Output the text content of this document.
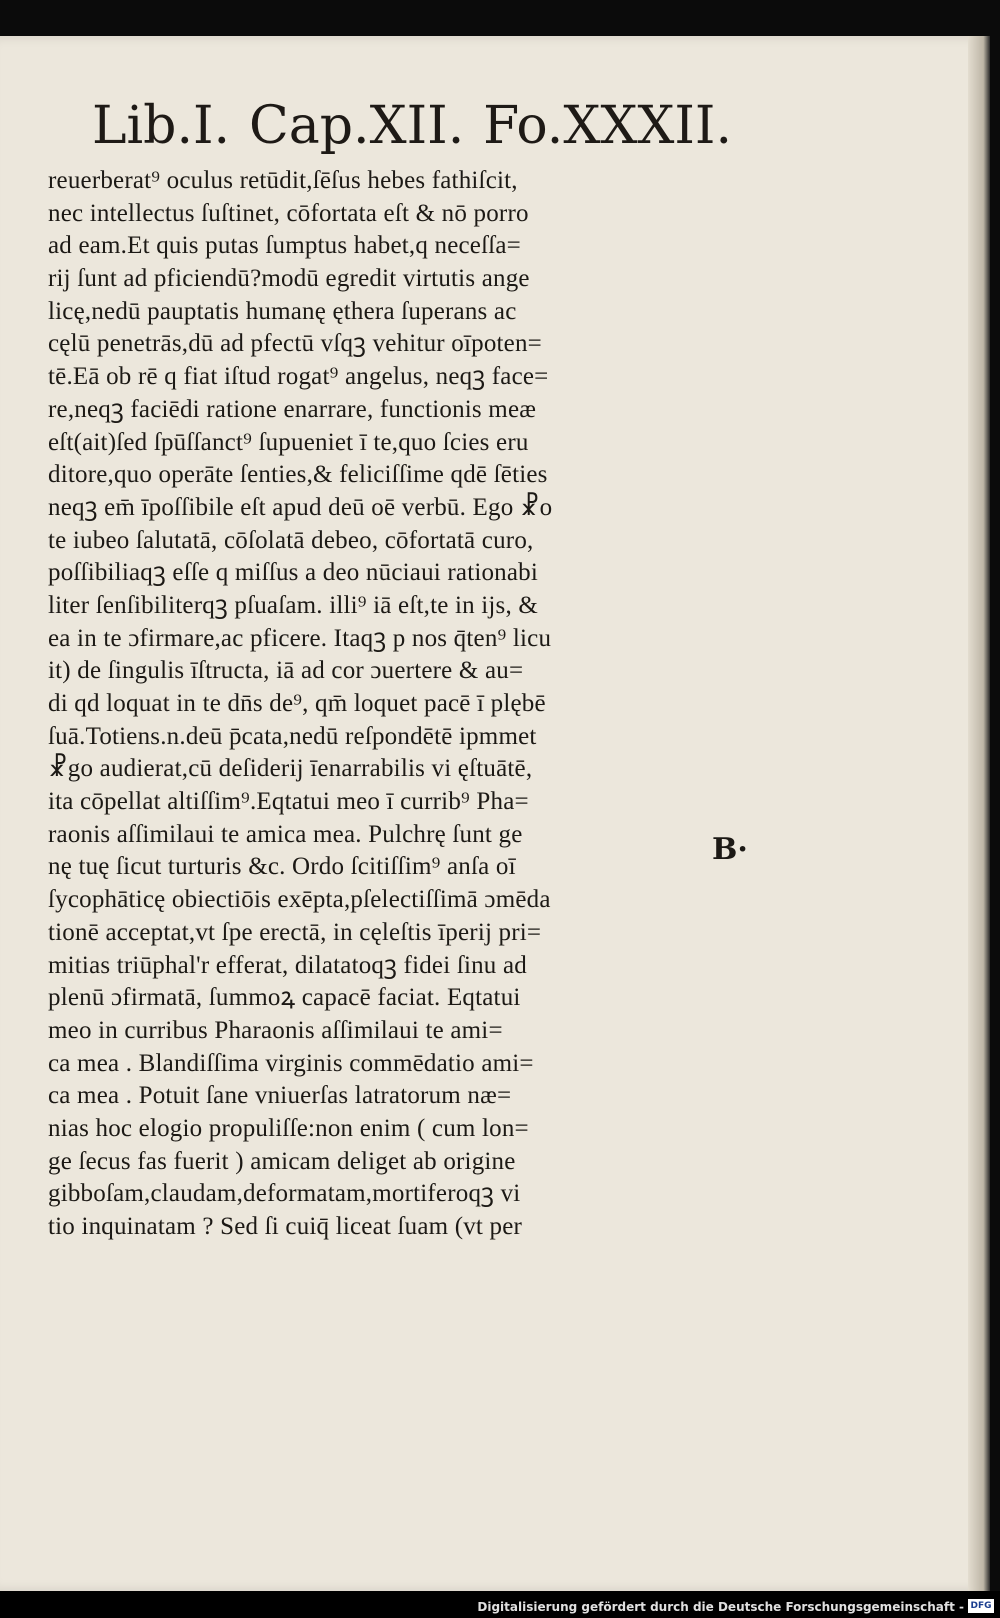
Lib.I. Cap.XII. Fo.XXXII.
reuerberat⁹ oculus retūdit,ſēſus hebes fathiſcit,
nec intellectus ſuſtinet, cōfortata eſt & nō porro
ad eam.Et quis putas ſumptus habet,q neceſſa=
rij ſunt ad pficiendū?modū egredit virtutis ange
licę,nedū pauptatis humanę ęthera ſuperans ac
cęlū penetrās,dū ad pfectū vſqꝫ vehitur oīpoten=
tē.Eā ob rē q fiat iſtud rogat⁹ angelus, neqꝫ face=
re,neqꝫ faciēdi ratione enarrare, functionis meæ
eſt(ait)ſed ſpūſſanct⁹ ſupueniet ī te,quo ſcies eru
ditore,quo operāte ſenties,& feliciſſime qdē ſēties
neqꝫ em̄ īpoſſibile eſt apud deū oē verbū. Ego ☧o
te iubeo ſalutatā, cōſolatā debeo, cōfortatā curo,
poſſibiliaqꝫ eſſe q miſſus a deo nūciaui rationabi
liter ſenſibiliterqꝫ pſuaſam. illi⁹ iā eſt,te in ijs, &
ea in te ɔfirmare,ac pficere. Itaqꝫ p nos q̄ten⁹ licu
it) de ſingulis īſtructa, iā ad cor ɔuertere & au=
di qd loquat in te dn̄s de⁹, qm̄ loquet pacē ī plębē
ſuā.Totiens.n.deū p̄cata,nedū reſpondētē ipmmet
☧go audierat,cū deſiderij īenarrabilis vi ęſtuātē,
ita cōpellat altiſſim⁹.Eqtatui meo ī currib⁹ Pha=
raonis aſſimilaui te amica mea. Pulchrę ſunt ge
nę tuę ſicut turturis &c. Ordo ſcitiſſim⁹ anſa oī
ſycophāticę obiectiōis exēpta,pſelectiſſimā ɔmēda
tionē acceptat,vt ſpe erectā, in cęleſtis īperij pri=
mitias triūphal'r efferat, dilatatoqꝫ fidei ſinu ad
plenū ɔfirmatā, ſummoꝝ capacē faciat. Eqtatui
meo in curribus Pharaonis aſſimilaui te ami=
ca mea . Blandiſſima virginis commēdatio ami=
ca mea . Potuit ſane vniuerſas latratorum næ=
nias hoc elogio propuliſſe:non enim ( cum lon=
ge ſecus fas fuerit ) amicam deliget ab origine
gibboſam,claudam,deformatam,mortiferoqꝫ vi
tio inquinatam ? Sed ſi cuiq̄ liceat ſuam (vt per
B·
Digitalisierung gefördert durch die Deutsche Forschungsgemeinschaft - DFG
